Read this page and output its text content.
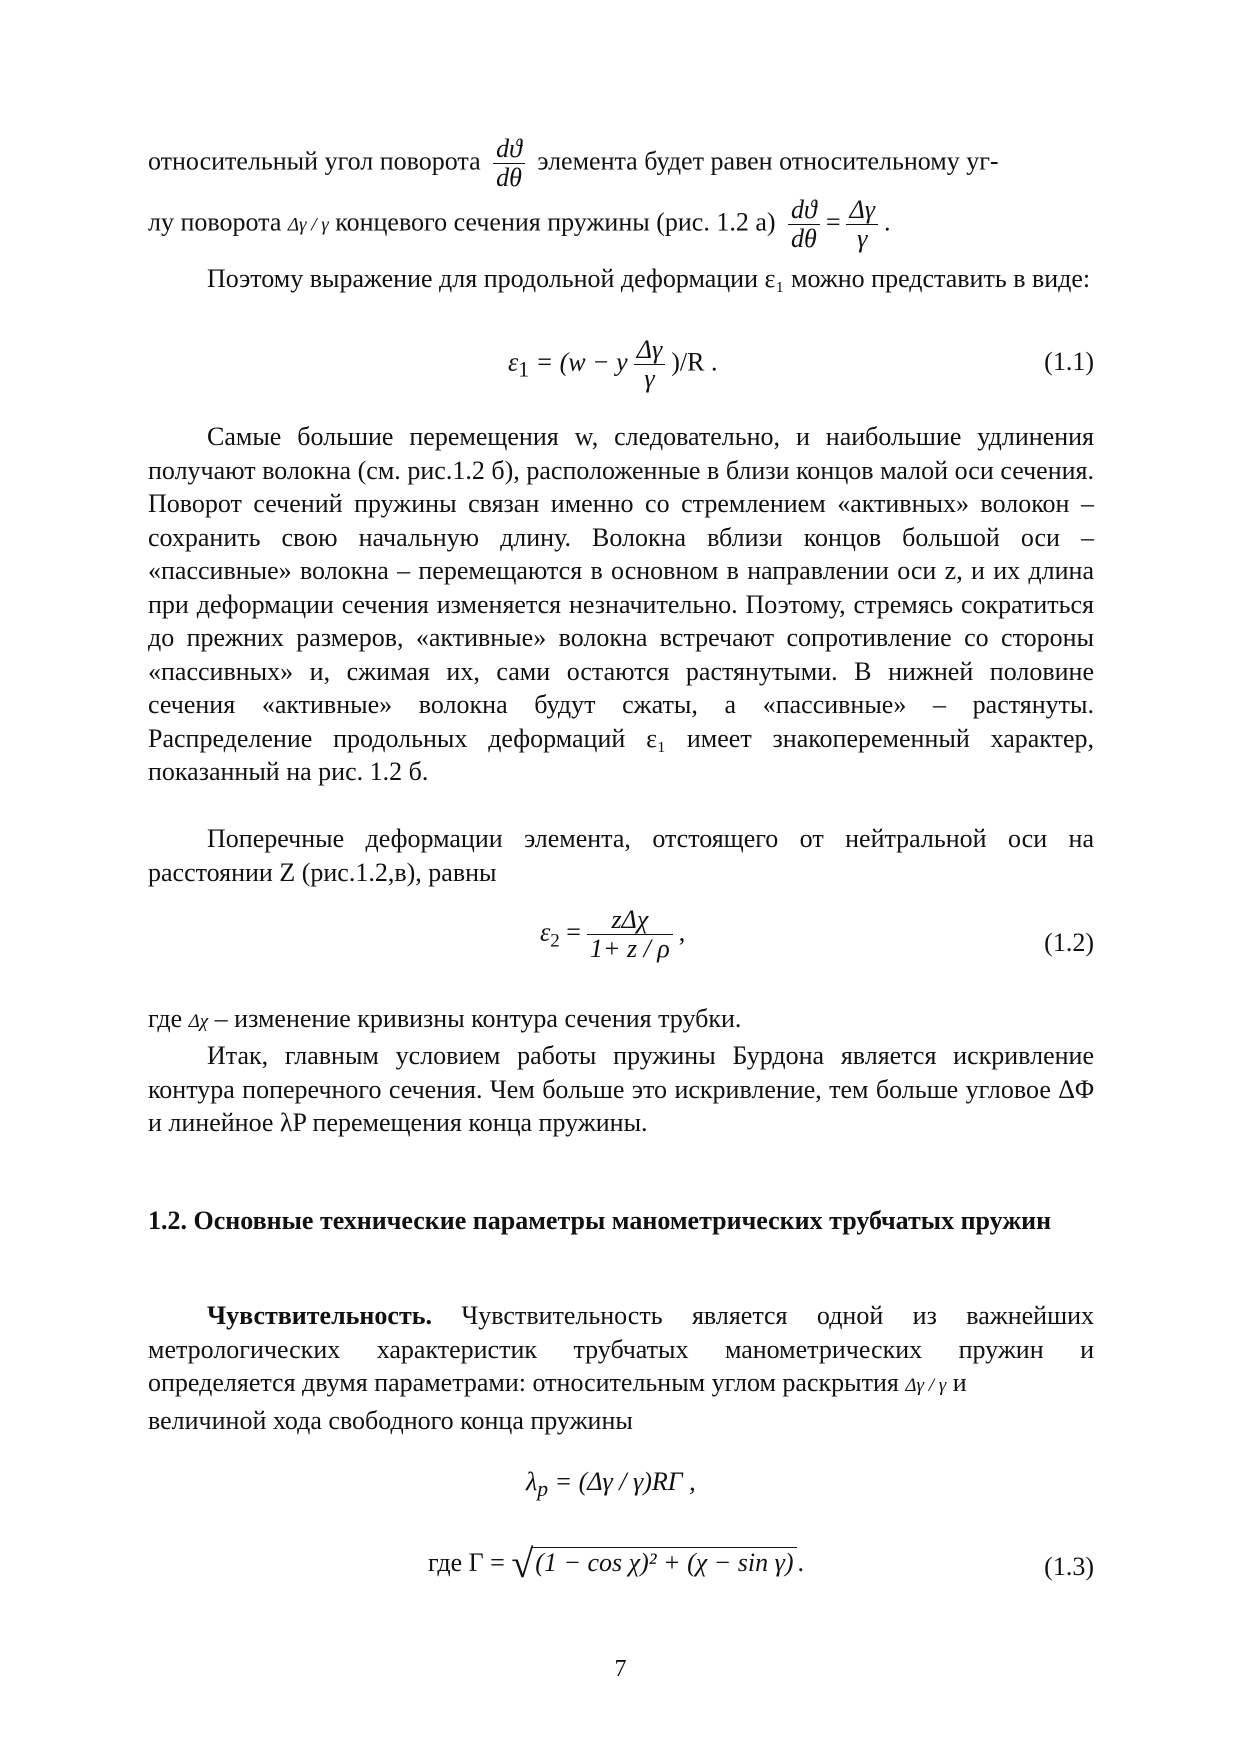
относительный угол поворота $\frac{dϑ}{d\theta}$ элемента будет равен относительному уг-
лу поворота Δγ / γ концевого сечения пружины (рис. 1.2 $а) \frac{dϑ}{d\theta} = \frac{\Delta\gamma}{\gamma}$ .

Поэтому выражение для продольной деформации ε₁ можно представить в виде:

$\varepsilon_1 = (w - y \frac{\Delta\gamma}{\gamma} )/R$ .	(1.1)

Самые большие перемещения w, следовательно, и наибольшие удлинения получают волокна (см. рис.1.2 б), расположенные в близи концов малой оси сечения. Поворот сечений пружины связан именно со стремлением «активных» волокон – сохранить свою начальную длину. Волокна вблизи концов большой оси – «пассивные» волокна – перемещаются в основном в направлении оси z, и их длина при деформации сечения изменяется незначительно. Поэтому, стремясь сократиться до прежних размеров, «активные» волокна встречают сопротивление со стороны «пассивных» и, сжимая их, сами остаются растянутыми. В нижней половине сечения «активные» волокна будут сжаты, а «пассивные» – растянуты. Распределение продольных деформаций ε₁ имеет знакопеременный характер, показанный на рис. 1.2 б.

Поперечные деформации элемента, отстоящего от нейтральной оси на расстоянии Z (рис.1.2,в), равны

$\varepsilon_2 = \frac{\text{zΔχ}}{1+ z / \rho}$ ,	(1.2)
где Δχ – изменение кривизны контура сечения трубки.

Итак, главным условием работы пружины Бурдона является искривление контура поперечного сечения. Чем больше это искривление, тем больше угловое ΔΦ и линейное λP перемещения конца пружины.

1.2. Основные технические параметры манометрических трубчатых пружин

Чувствительность. Чувствительность является одной из важнейших метрологических характеристик трубчатых манометрических пружин и определяется двумя параметрами: относительным углом раскрытия Δγ / γ и

величиной хода свободного конца пружины
$\lambda_p = (\Delta\gamma / \gamma)R\Gamma$ ,
где Γ = √(1 − cos χ)² + (χ − sin γ) .	(1.3)
7
